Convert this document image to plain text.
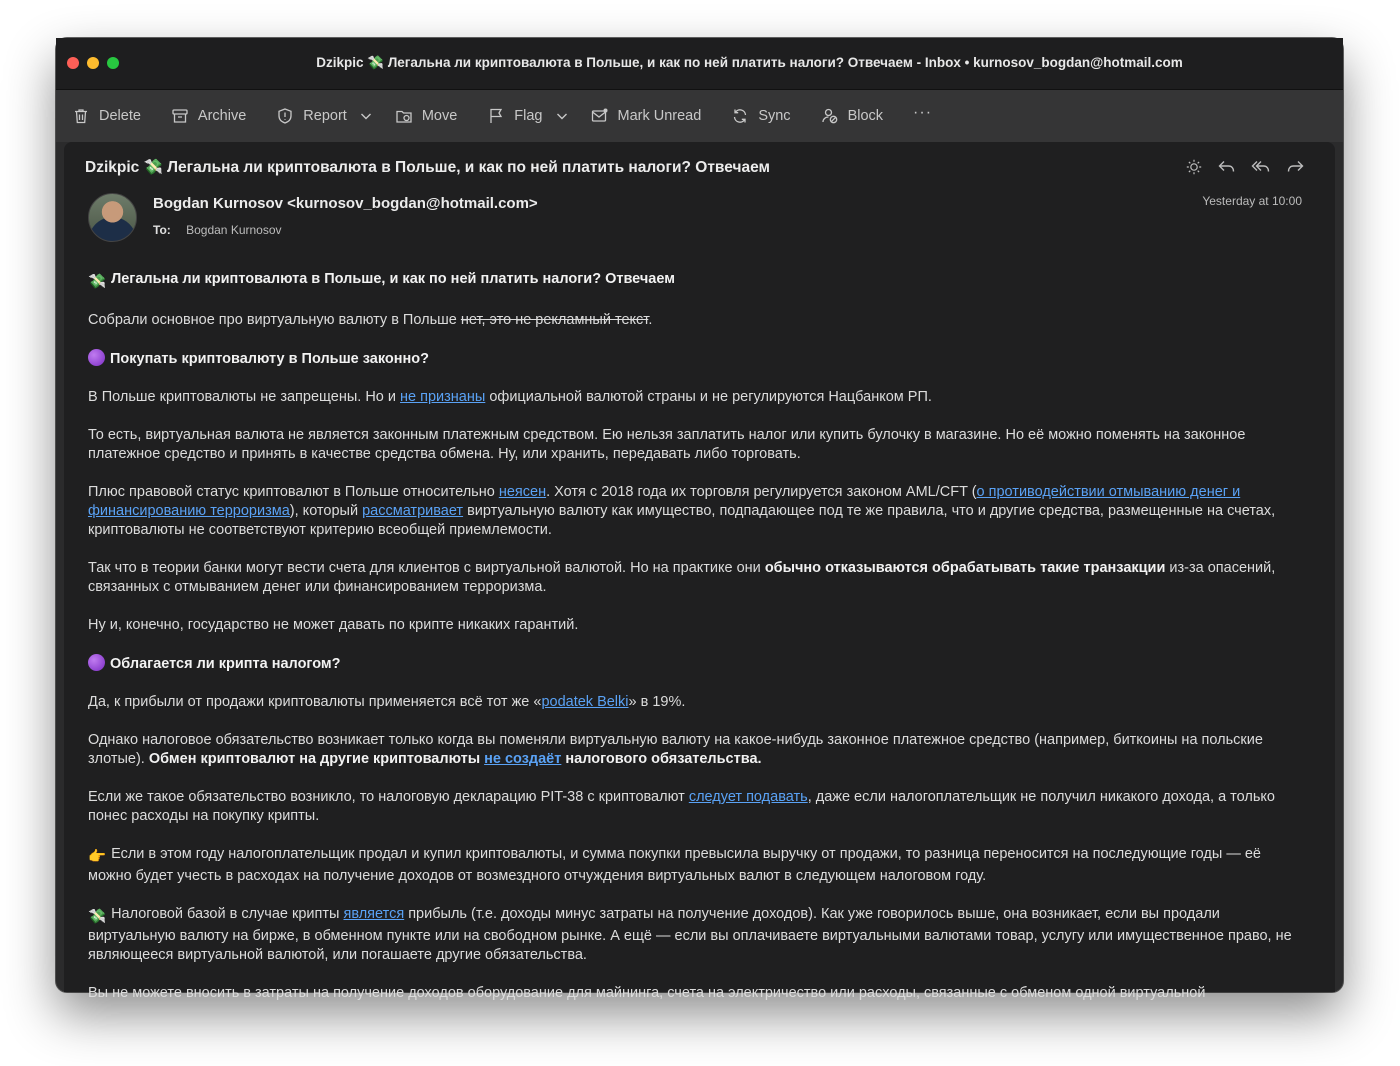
Dzikpic 💸 Легальна ли криптовалюта в Польше, и как по ней платить налоги? Отвечаем - Inbox • kurnosov_bogdan@hotmail.com
Delete	Archive	Report	Move	Flag	Mark Unread	Sync	Block ···
Dzikpic 💸 Легальна ли криптовалюта в Польше, и как по ней платить налоги? Отвечаем
Bogdan Kurnosov <kurnosov_bogdan@hotmail.com>
To: Bogdan Kurnosov
Yesterday at 10:00

💸 Легальна ли криптовалюта в Польше, и как по ней платить налоги? Отвечаем

Собрали основное про виртуальную валюту в Польше нет, это не рекламный текст.

Покупать криптовалюту в Польше законно?

В Польше криптовалюты не запрещены. Но и не признаны официальной валютой страны и не регулируются Нацбанком РП.

То есть, виртуальная валюта не является законным платежным средством. Ею нельзя заплатить налог или купить булочку в магазине. Но её можно поменять на законное платежное средство и принять в качестве средства обмена. Ну, или хранить, передавать либо торговать.

Плюс правовой статус криптовалют в Польше относительно неясен. Хотя с 2018 года их торговля регулируется законом AML/CFT (о противодействии отмыванию денег и финансированию терроризма), который рассматривает виртуальную валюту как имущество, подпадающее под те же правила, что и другие средства, размещенные на счетах, криптовалюты не соответствуют критерию всеобщей приемлемости.

Так что в теории банки могут вести счета для клиентов с виртуальной валютой. Но на практике они обычно отказываются обрабатывать такие транзакции из-за опасений, связанных с отмыванием денег или финансированием терроризма.

Ну и, конечно, государство не может давать по крипте никаких гарантий.

Облагается ли крипта налогом?

Да, к прибыли от продажи криптовалюты применяется всё тот же «podatek Belki» в 19%.

Однако налоговое обязательство возникает только когда вы поменяли виртуальную валюту на какое-нибудь законное платежное средство (например, биткоины на польские злотые). Обмен криптовалют на другие криптовалюты не создаёт налогового обязательства.

Если же такое обязательство возникло, то налоговую декларацию PIT-38 с криптовалют следует подавать, даже если налогоплательщик не получил никакого дохода, а только понес расходы на покупку крипты.

👉 Если в этом году налогоплательщик продал и купил криптовалюты, и сумма покупки превысила выручку от продажи, то разница переносится на последующие годы — её можно будет учесть в расходах на получение доходов от возмездного отчуждения виртуальных валют в следующем налоговом году.

💸 Налоговой базой в случае крипты является прибыль (т.е. доходы минус затраты на получение доходов). Как уже говорилось выше, она возникает, если вы продали виртуальную валюту на бирже, в обменном пункте или на свободном рынке. А ещё — если вы оплачиваете виртуальными валютами товар, услугу или имущественное право, не являющееся виртуальной валютой, или погашаете другие обязательства.

Вы не можете вносить в затраты на получение доходов оборудование для майнинга, счета на электричество или расходы, связанные с обменом одной виртуальной
